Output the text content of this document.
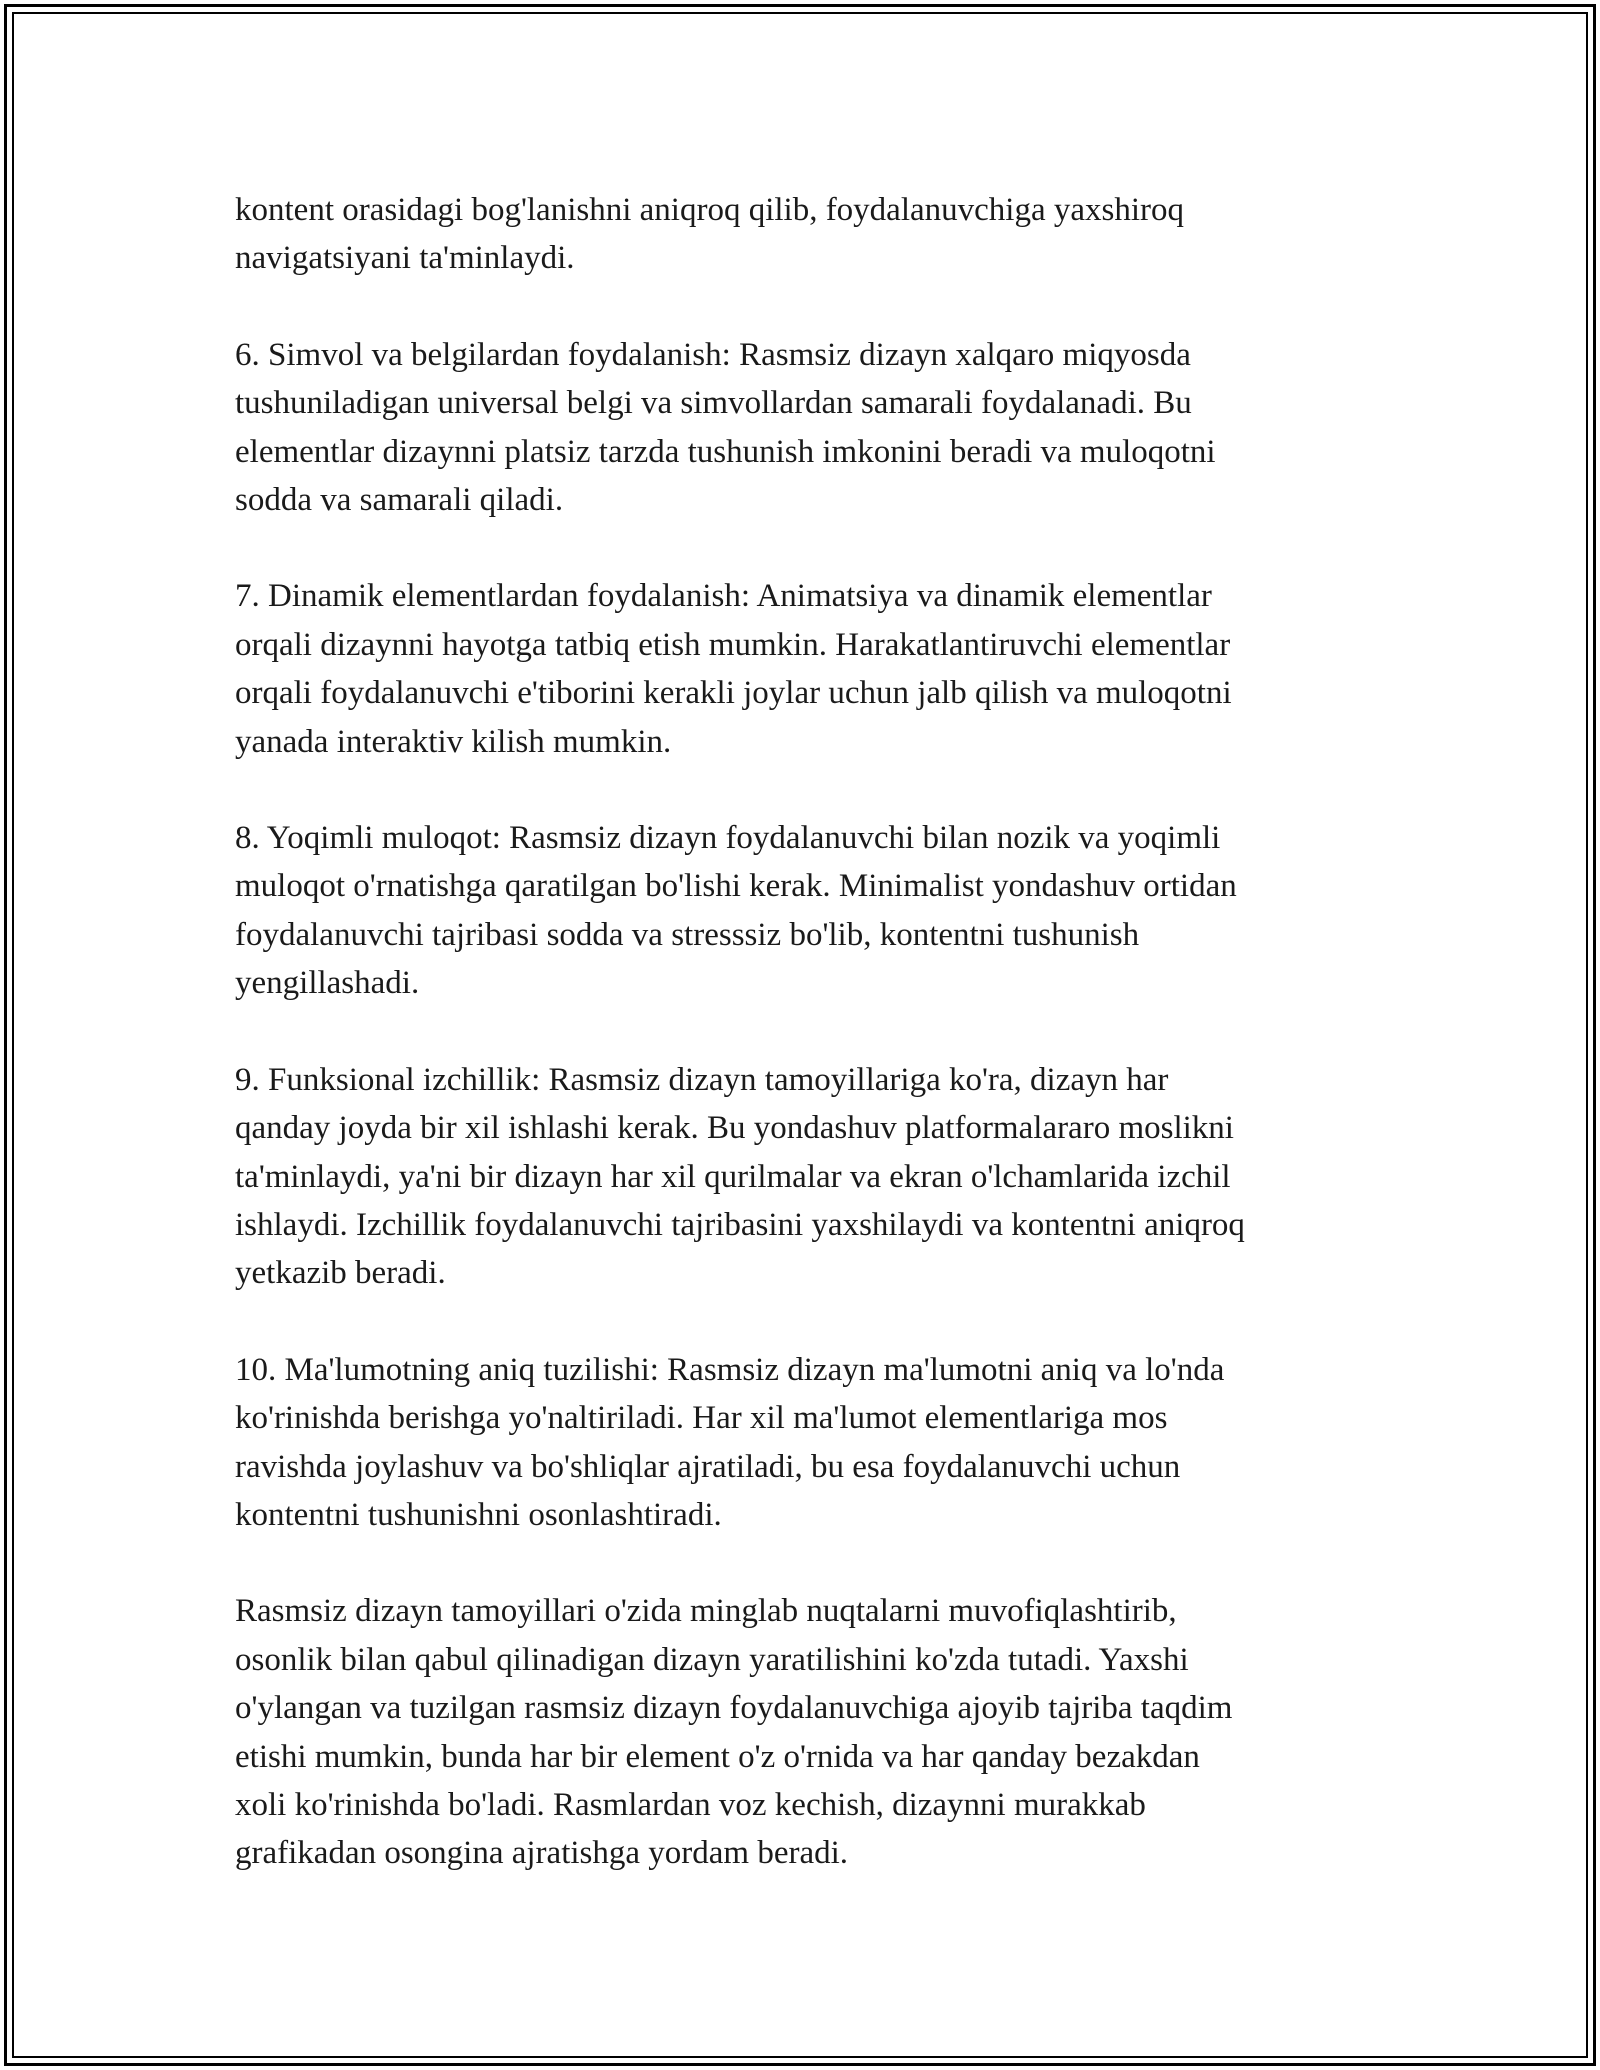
kontent orasidagi bog'lanishni aniqroq qilib, foydalanuvchiga yaxshiroq
navigatsiyani ta'minlaydi.

6. Simvol va belgilardan foydalanish: Rasmsiz dizayn xalqaro miqyosda
tushuniladigan universal belgi va simvollardan samarali foydalanadi. Bu
elementlar dizaynni platsiz tarzda tushunish imkonini beradi va muloqotni
sodda va samarali qiladi.

7. Dinamik elementlardan foydalanish: Animatsiya va dinamik elementlar
orqali dizaynni hayotga tatbiq etish mumkin. Harakatlantiruvchi elementlar
orqali foydalanuvchi e'tiborini kerakli joylar uchun jalb qilish va muloqotni
yanada interaktiv kilish mumkin.

8. Yoqimli muloqot: Rasmsiz dizayn foydalanuvchi bilan nozik va yoqimli
muloqot o'rnatishga qaratilgan bo'lishi kerak. Minimalist yondashuv ortidan
foydalanuvchi tajribasi sodda va stresssiz bo'lib, kontentni tushunish
yengillashadi.

9. Funksional izchillik: Rasmsiz dizayn tamoyillariga ko'ra, dizayn har
qanday joyda bir xil ishlashi kerak. Bu yondashuv platformalararo moslikni
ta'minlaydi, ya'ni bir dizayn har xil qurilmalar va ekran o'lchamlarida izchil
ishlaydi. Izchillik foydalanuvchi tajribasini yaxshilaydi va kontentni aniqroq
yetkazib beradi.

10. Ma'lumotning aniq tuzilishi: Rasmsiz dizayn ma'lumotni aniq va lo'nda
ko'rinishda berishga yo'naltiriladi. Har xil ma'lumot elementlariga mos
ravishda joylashuv va bo'shliqlar ajratiladi, bu esa foydalanuvchi uchun
kontentni tushunishni osonlashtiradi.

Rasmsiz dizayn tamoyillari o'zida minglab nuqtalarni muvofiqlashtirib,
osonlik bilan qabul qilinadigan dizayn yaratilishini ko'zda tutadi. Yaxshi
o'ylangan va tuzilgan rasmsiz dizayn foydalanuvchiga ajoyib tajriba taqdim
etishi mumkin, bunda har bir element o'z o'rnida va har qanday bezakdan
xoli ko'rinishda bo'ladi. Rasmlardan voz kechish, dizaynni murakkab
grafikadan osongina ajratishga yordam beradi.
